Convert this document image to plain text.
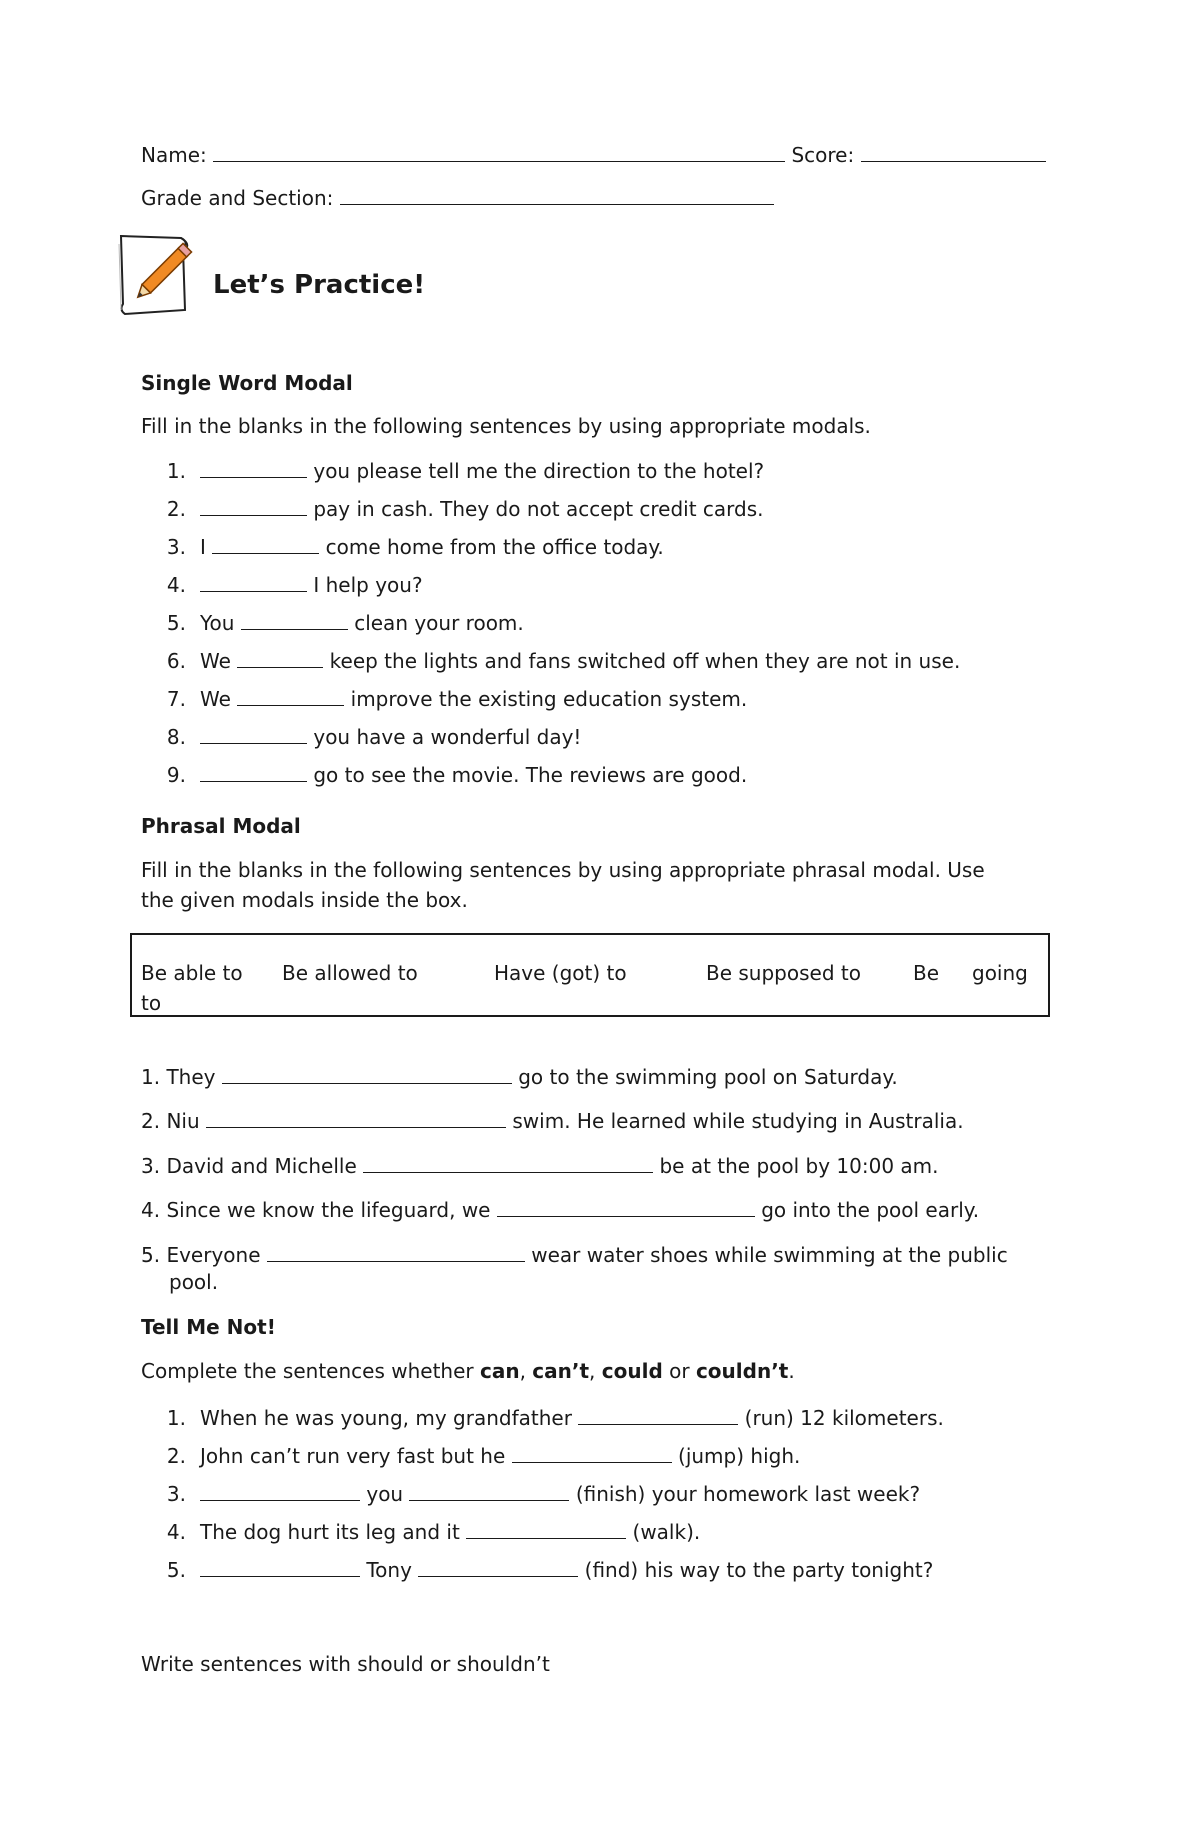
Name:	Score:
Grade and Section:
Let’s Practice!
Single Word Modal
Fill in the blanks in the following sentences by using appropriate modals.
1.	you please tell me the direction to the hotel?
2.	pay in cash. They do not accept credit cards.
3. I	come home from the office today.
4.	I help you?
5. You	clean your room.
6. We	keep the lights and fans switched off when they are not in use.
7. We	improve the existing education system.
8.	you have a wonderful day!
9.	go to see the movie. The reviews are good.
Phrasal Modal
Fill in the blanks in the following sentences by using appropriate phrasal modal. Use
the given modals inside the box.
Be able to Be allowed to	Have (got) to	Be supposed to	Be going
to
1. They	go to the swimming pool on Saturday.
2. Niu	swim. He learned while studying in Australia.
3. David and Michelle	be at the pool by 10:00 am.
4. Since we know the lifeguard, we	go into the pool early.
5. Everyone	wear water shoes while swimming at the public
pool.
Tell Me Not!
Complete the sentences whether can, can’t, could or couldn’t.
1. When he was young, my grandfather	(run) 12 kilometers.
2. John can’t run very fast but he	(jump) high.
3.	you	(finish) your homework last week?
4. The dog hurt its leg and it	(walk).
5.	Tony	(find) his way to the party tonight?
Write sentences with should or shouldn’t
